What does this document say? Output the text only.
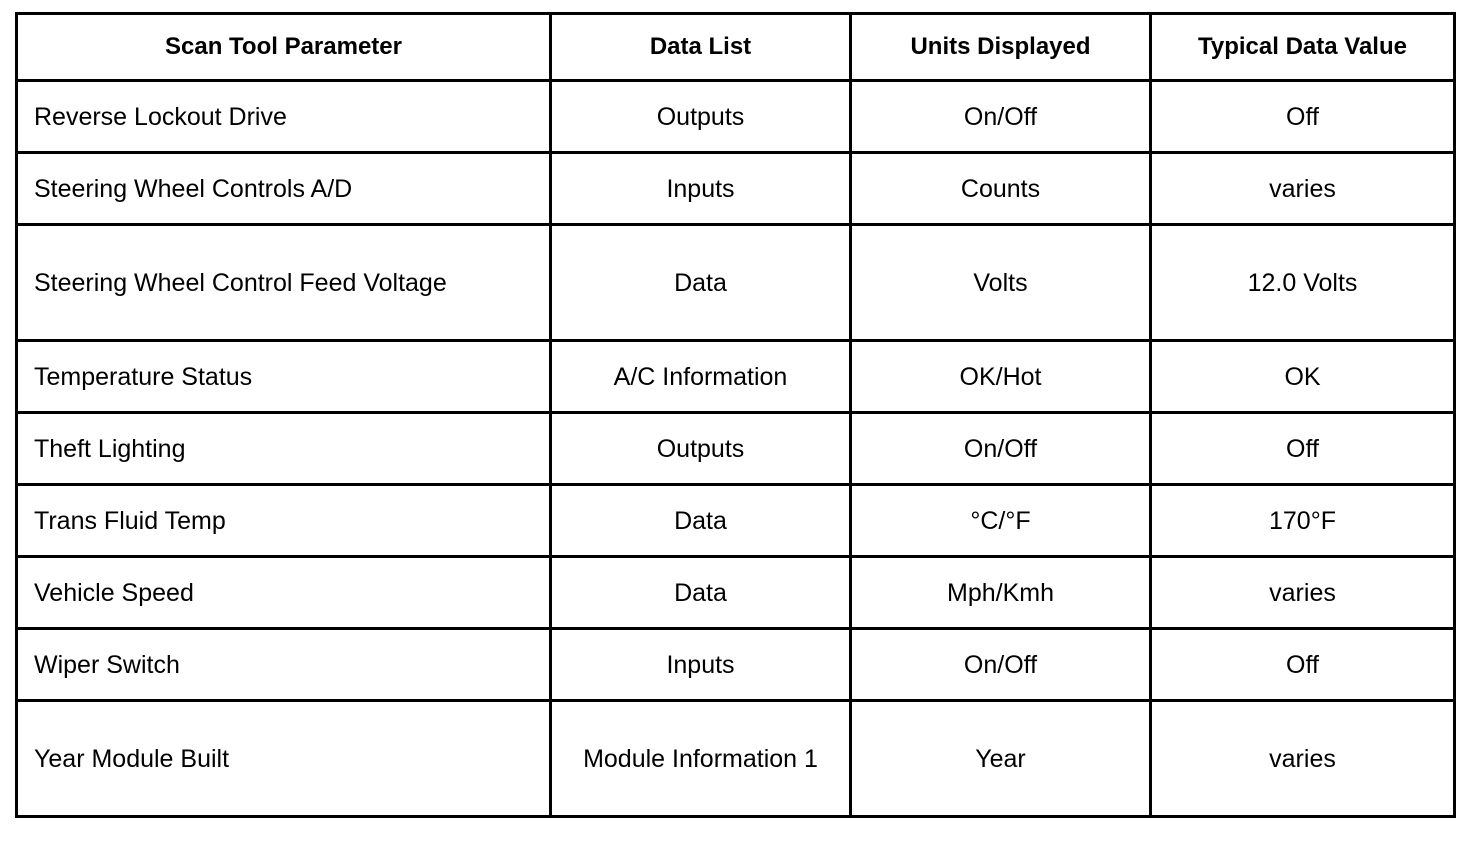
Scan Tool Parameter	Data List	Units Displayed	Typical Data Value
Reverse Lockout Drive	Outputs	On/Off	Off
Steering Wheel Controls A/D	Inputs	Counts	varies
Steering Wheel Control Feed Voltage	Data	Volts	12.0 Volts
Temperature Status	A/C Information	OK/Hot	OK
Theft Lighting	Outputs	On/Off	Off
Trans Fluid Temp	Data	°C/°F	170°F
Vehicle Speed	Data	Mph/Kmh	varies
Wiper Switch	Inputs	On/Off	Off
Year Module Built	Module Information 1	Year	varies
